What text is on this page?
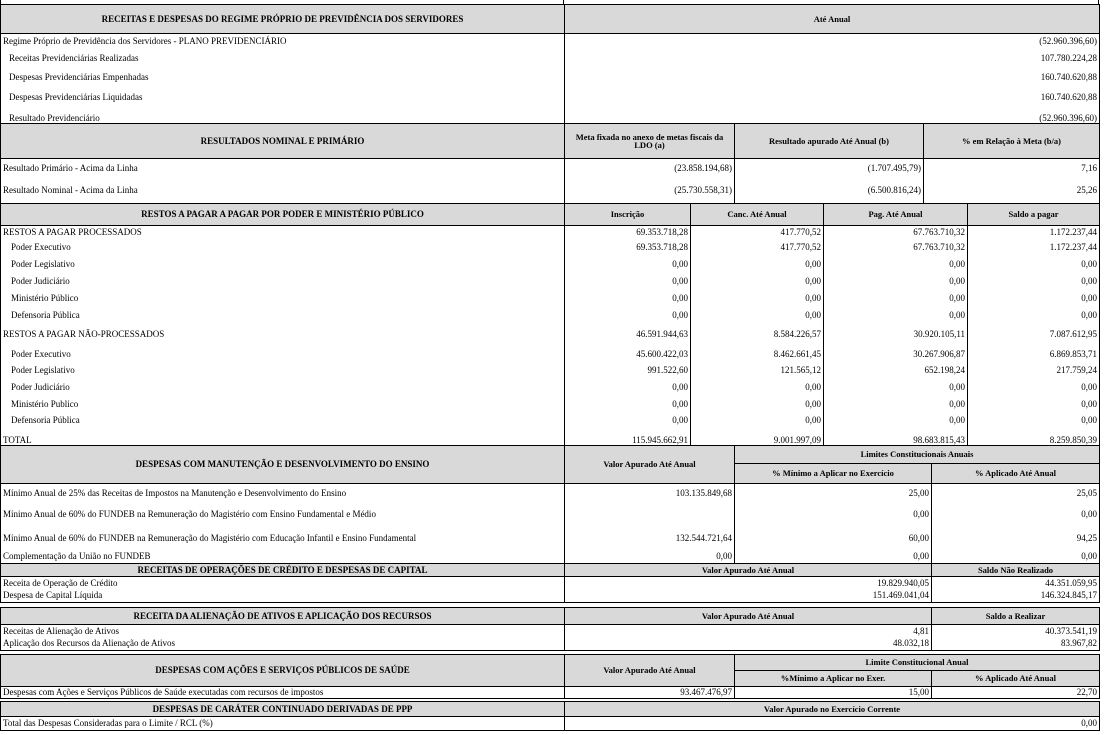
RECEITAS E DESPESAS DO REGIME PRÓPRIO DE PREVIDÊNCIA DOS SERVIDORES	Até Anual
Regime Próprio de Previdência dos Servidores - PLANO PREVIDENCIÁRIO	(52.960.396,60)
Receitas Previdenciárias Realizadas	107.780.224,28
Despesas Previdenciárias Empenhadas	160.740.620,88
Despesas Previdenciárias Liquidadas	160.740.620,88
Resultado Previdenciário	(52.960.396,60)
RESULTADOS NOMINAL E PRIMÁRIO	Meta fixada no anexo de metas fiscais da LDO (a)	Resultado apurado Até Anual (b)	% em Relação à Meta (b/a)
Resultado Primário - Acima da Linha	(23.858.194,68)	(1.707.495,79)	7,16
Resultado Nominal - Acima da Linha	(25.730.558,31)	(6.500.816,24)	25,26
RESTOS A PAGAR A PAGAR POR PODER E MINISTÉRIO PÚBLICO	Inscrição	Canc. Até Anual	Pag. Até Anual	Saldo a pagar
RESTOS A PAGAR PROCESSADOS	69.353.718,28	417.770,52	67.763.710,32	1.172.237,44
Poder Executivo	69.353.718,28	417.770,52	67.763.710,32	1.172.237,44
Poder Legislativo	0,00	0,00	0,00	0,00
Poder Judiciário	0,00	0,00	0,00	0,00
Ministério Público	0,00	0,00	0,00	0,00
Defensoria Pública	0,00	0,00	0,00	0,00
RESTOS A PAGAR NÃO-PROCESSADOS	46.591.944,63	8.584.226,57	30.920.105,11	7.087.612,95
Poder Executivo	45.600.422,03	8.462.661,45	30.267.906,87	6.869.853,71
Poder Legislativo	991.522,60	121.565,12	652.198,24	217.759,24
Poder Judiciário	0,00	0,00	0,00	0,00
Ministério Publico	0,00	0,00	0,00	0,00
Defensoria Pública	0,00	0,00	0,00	0,00
TOTAL	115.945.662,91	9.001.997,09	98.683.815,43	8.259.850,39
DESPESAS COM MANUTENÇÃO E DESENVOLVIMENTO DO ENSINO	Valor Apurado Até Anual	Limites Constitucionais Anuais	
		% Mínimo a Aplicar no Exercício	% Aplicado Até Anual
Mínimo Anual de 25% das Receitas de Impostos na Manutenção e Desenvolvimento do Ensino	103.135.849,68	25,00	25,05
Mínimo Anual de 60% do FUNDEB na Remuneração do Magistério com Ensino Fundamental e Médio		0,00	0,00
Mínimo Anual de 60% do FUNDEB na Remuneração do Magistério com Educação Infantil e Ensino Fundamental	132.544.721,64	60,00	94,25
Complementação da União no FUNDEB	0,00	0,00	0,00
RECEITAS DE OPERAÇÕES DE CRÉDITO E DESPESAS DE CAPITAL	Valor Apurado Até Anual	Saldo Não Realizado
Receita de Operação de Crédito	19.829.940,05	44.351.059,95
Despesa de Capital Líquida	151.469.041,04	146.324.845,17
RECEITA DA ALIENAÇÃO DE ATIVOS E APLICAÇÃO DOS RECURSOS	Valor Apurado Até Anual	Saldo a Realizar
Receitas de Alienação de Ativos	4,81	40.373.541,19
Aplicação dos Recursos da Alienação de Ativos	48.032,18	83.967,82
DESPESAS COM AÇÕES E SERVIÇOS PÚBLICOS DE SAÚDE	Valor Apurado Até Anual	Limite Constitucional Anual	
		%Mínimo a Aplicar no Exer.	% Aplicado Até Anual
Despesas com Ações e Serviços Públicos de Saúde executadas com recursos de impostos	93.467.476,97	15,00	22,70
DESPESAS DE CARÁTER CONTINUADO DERIVADAS DE PPP	Valor Apurado no Exercício Corrente
Total das Despesas Consideradas para o Limite / RCL (%)	0,00
